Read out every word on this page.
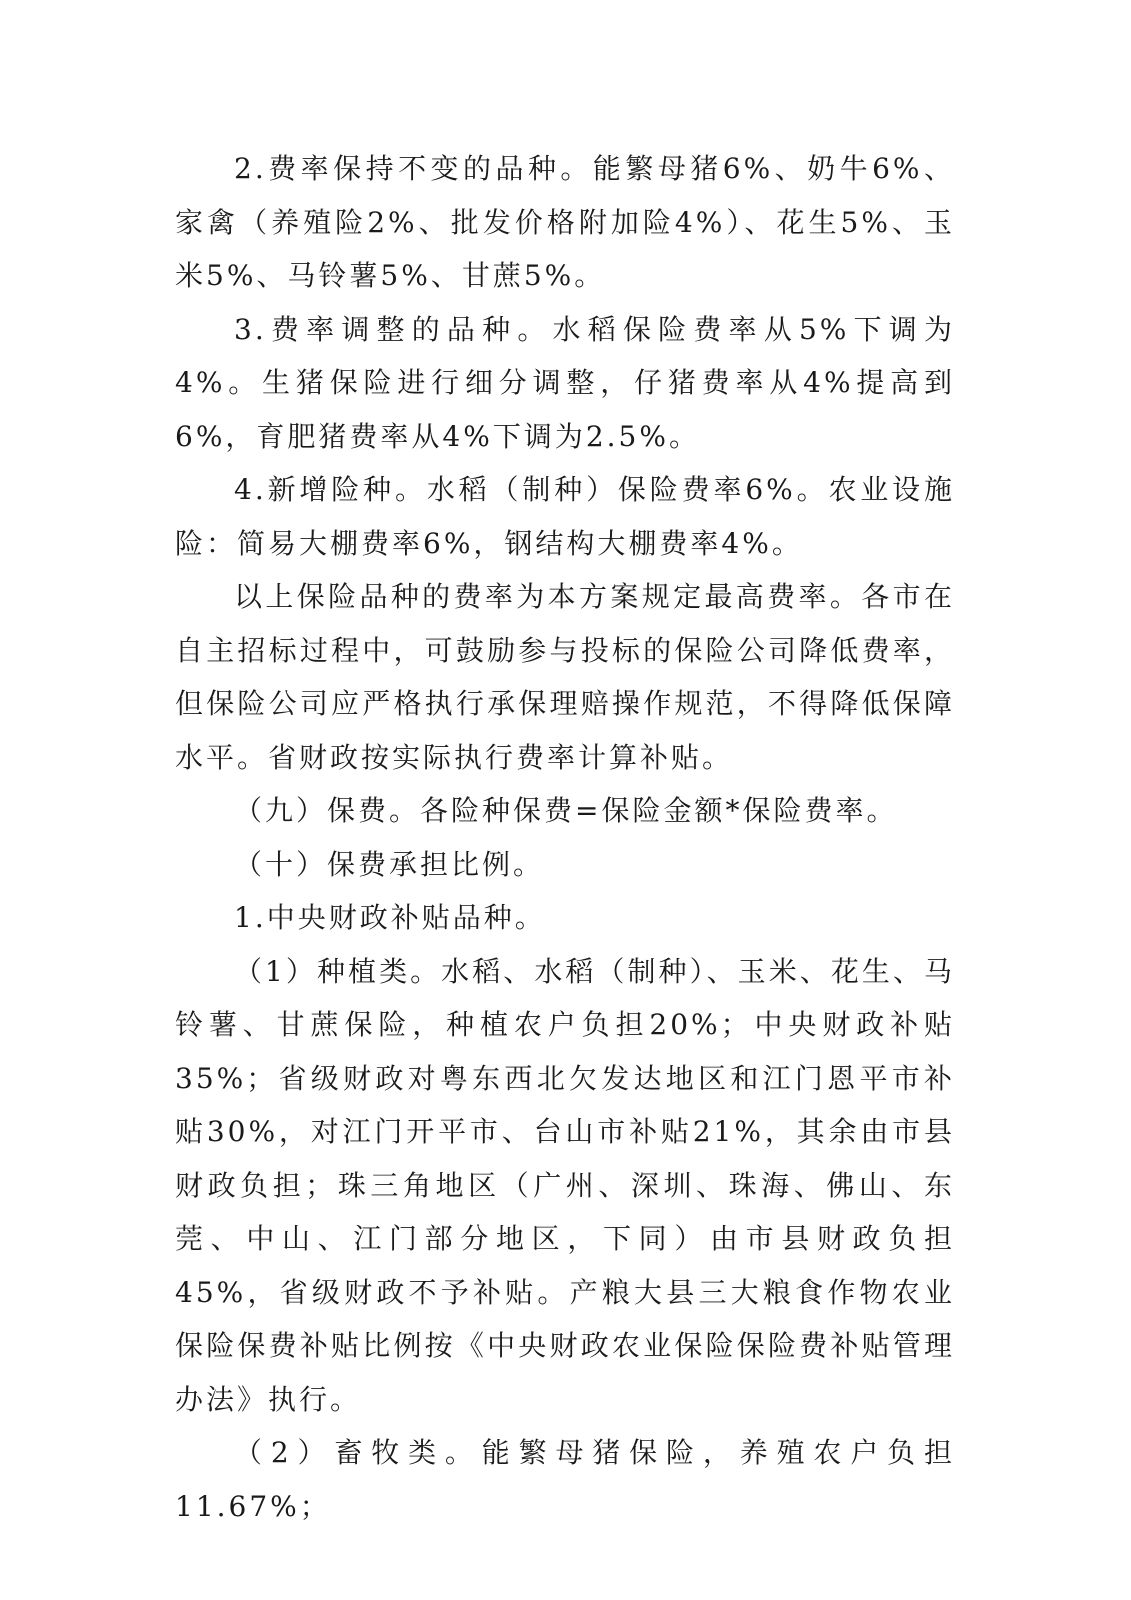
2.费率保持不变的品种。能繁母猪6%、奶牛6%、家禽（养殖险2%、批发价格附加险4%）、花生5%、玉米5%、马铃薯5%、甘蔗5%。

3.费率调整的品种。水稻保险费率从5%下调为4%。生猪保险进行细分调整，仔猪费率从4%提高到6%，育肥猪费率从4%下调为2.5%。

4.新增险种。水稻（制种）保险费率6%。农业设施险：简易大棚费率6%，钢结构大棚费率4%。

以上保险品种的费率为本方案规定最高费率。各市在自主招标过程中，可鼓励参与投标的保险公司降低费率，但保险公司应严格执行承保理赔操作规范，不得降低保障水平。省财政按实际执行费率计算补贴。

（九）保费。各险种保费=保险金额*保险费率。

（十）保费承担比例。

1.中央财政补贴品种。

（1）种植类。水稻、水稻（制种）、玉米、花生、马铃薯、甘蔗保险，种植农户负担20%；中央财政补贴35%；省级财政对粤东西北欠发达地区和江门恩平市补贴30%，对江门开平市、台山市补贴21%，其余由市县财政负担；珠三角地区（广州、深圳、珠海、佛山、东莞、中山、江门部分地区，下同）由市县财政负担45%，省级财政不予补贴。产粮大县三大粮食作物农业保险保费补贴比例按《中央财政农业保险保险费补贴管理办法》执行。

（2）畜牧类。能繁母猪保险，养殖农户负担11.67%；
